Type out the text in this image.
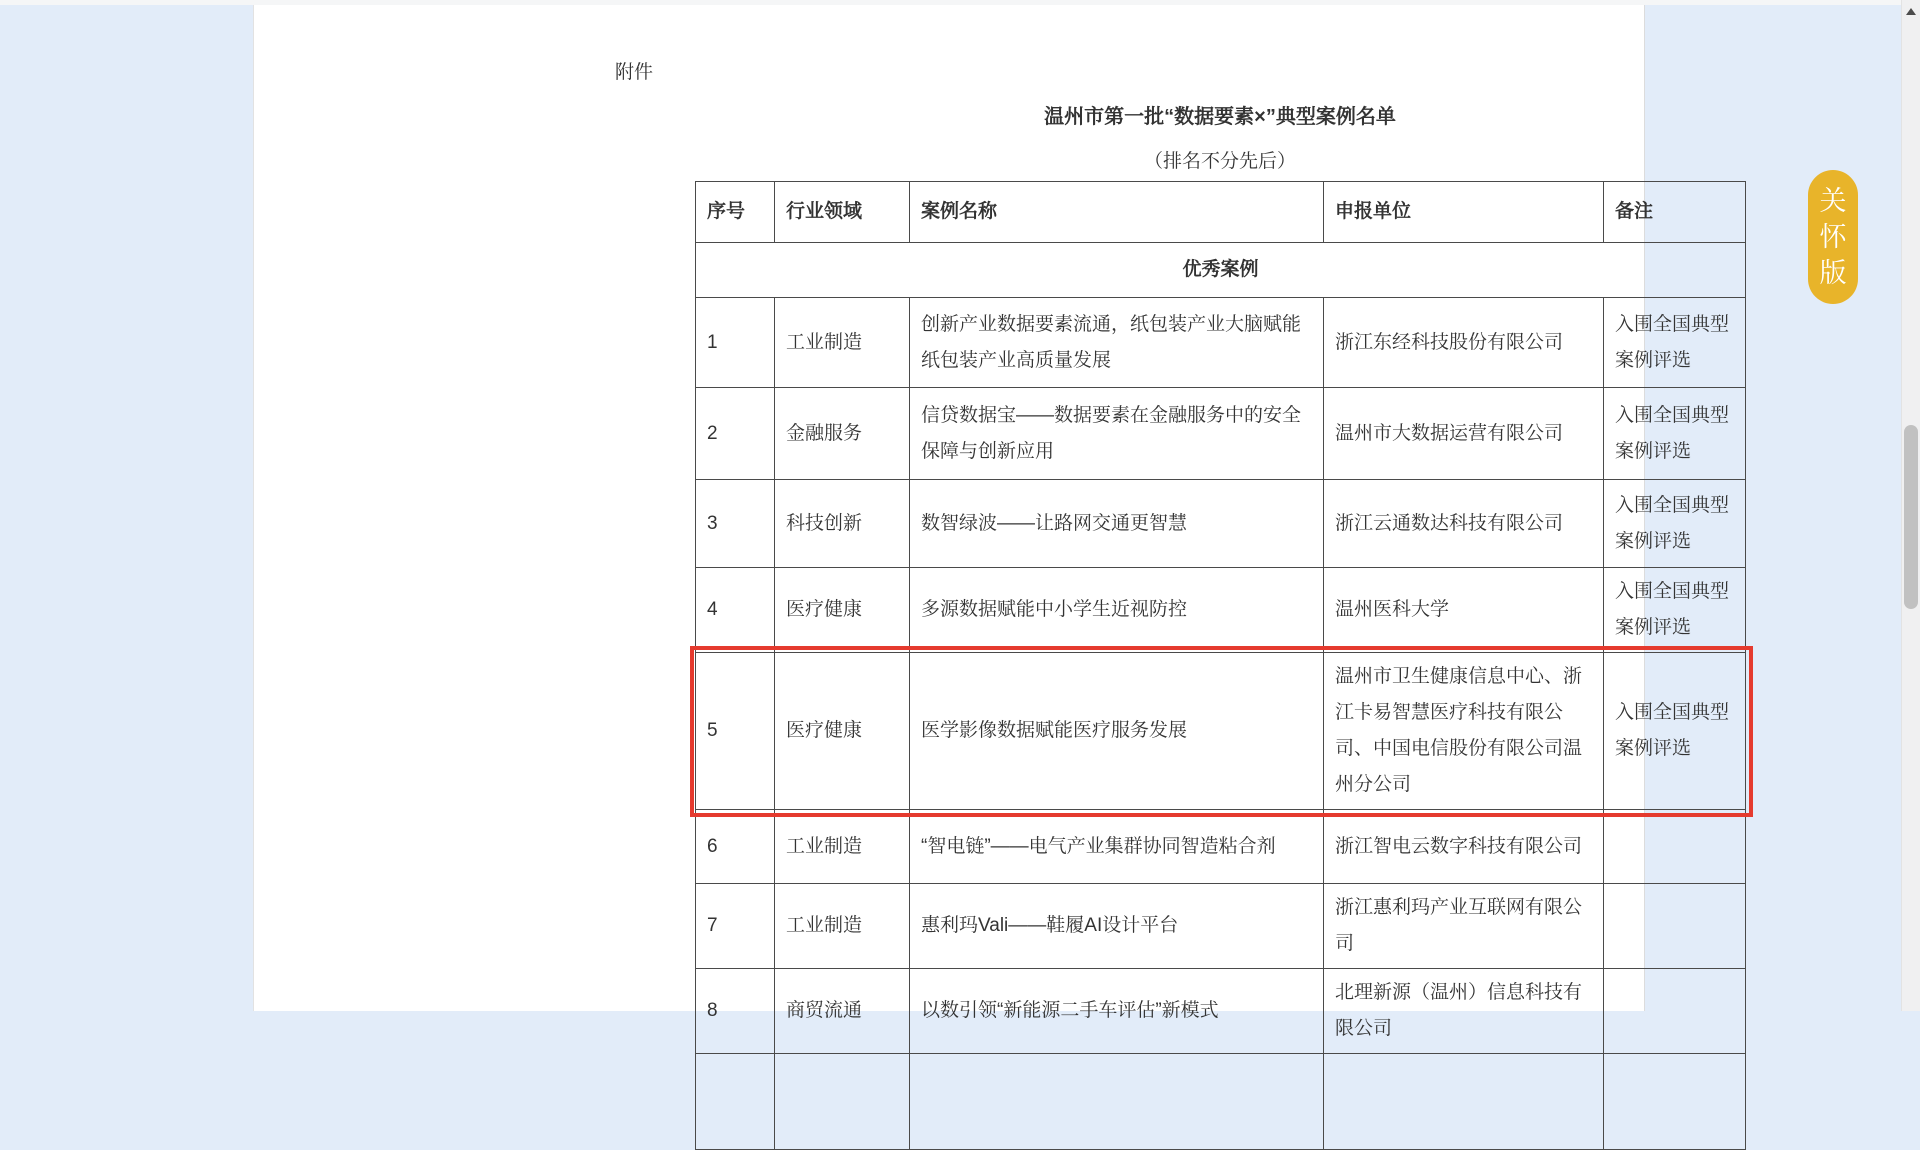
附件
温州市第一批“数据要素×”典型案例名单
（排名不分先后）
序号	行业领域	案例名称	申报单位	备注
优秀案例				
1	工业制造	创新产业数据要素流通，纸包装产业大脑赋能纸包装产业高质量发展	浙江东经科技股份有限公司	入围全国典型案例评选
2	金融服务	信贷数据宝——数据要素在金融服务中的安全保障与创新应用	温州市大数据运营有限公司	入围全国典型案例评选
3	科技创新	数智绿波——让路网交通更智慧	浙江云通数达科技有限公司	入围全国典型案例评选
4	医疗健康	多源数据赋能中小学生近视防控	温州医科大学	入围全国典型案例评选
5	医疗健康	医学影像数据赋能医疗服务发展	温州市卫生健康信息中心、浙江卡易智慧医疗科技有限公司、中国电信股份有限公司温州分公司	入围全国典型案例评选
6	工业制造	“智电链”——电气产业集群协同智造粘合剂	浙江智电云数字科技有限公司	
7	工业制造	惠利玛Vali——鞋履AI设计平台	浙江惠利玛产业互联网有限公司	
8	商贸流通	以数引领“新能源二手车评估”新模式	北理新源（温州）信息科技有限公司	

关
怀
版
